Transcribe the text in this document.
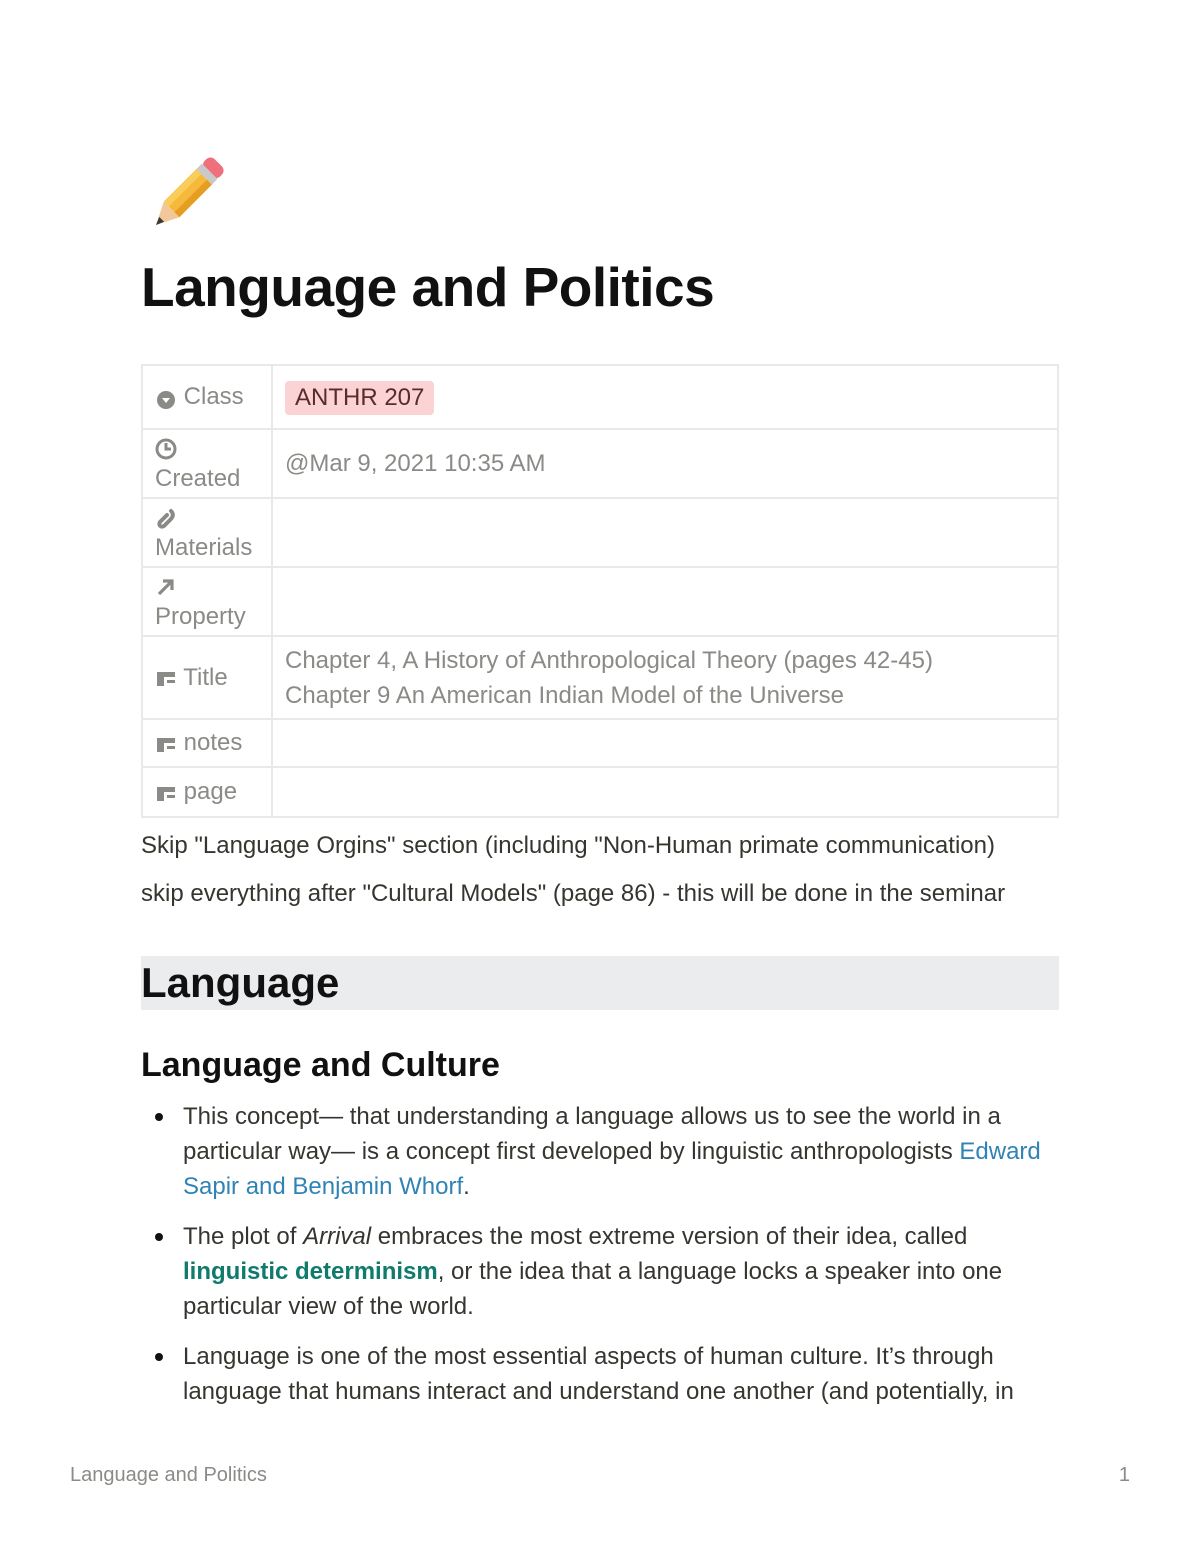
Language and Politics
Class	ANTHR 207

Created	@Mar 9, 2021 10:35 AM

Materials	

Property	
Title	Chapter 4, A History of Anthropological Theory (pages 42-45)
Chapter 9 An American Indian Model of the Universe

notes	
page	

Skip "Language Orgins" section (including "Non-Human primate communication)

skip everything after "Cultural Models" (page 86) - this will be done in the seminar

Language
Language and Culture
This concept— that understanding a language allows us to see the world in a particular way— is a concept first developed by linguistic anthropologists Edward Sapir and Benjamin Whorf.
The plot of Arrival embraces the most extreme version of their idea, called linguistic determinism, or the idea that a language locks a speaker into one particular view of the world.
Language is one of the most essential aspects of human culture. It’s through language that humans interact and understand one another (and potentially, in
Language and Politics	1
